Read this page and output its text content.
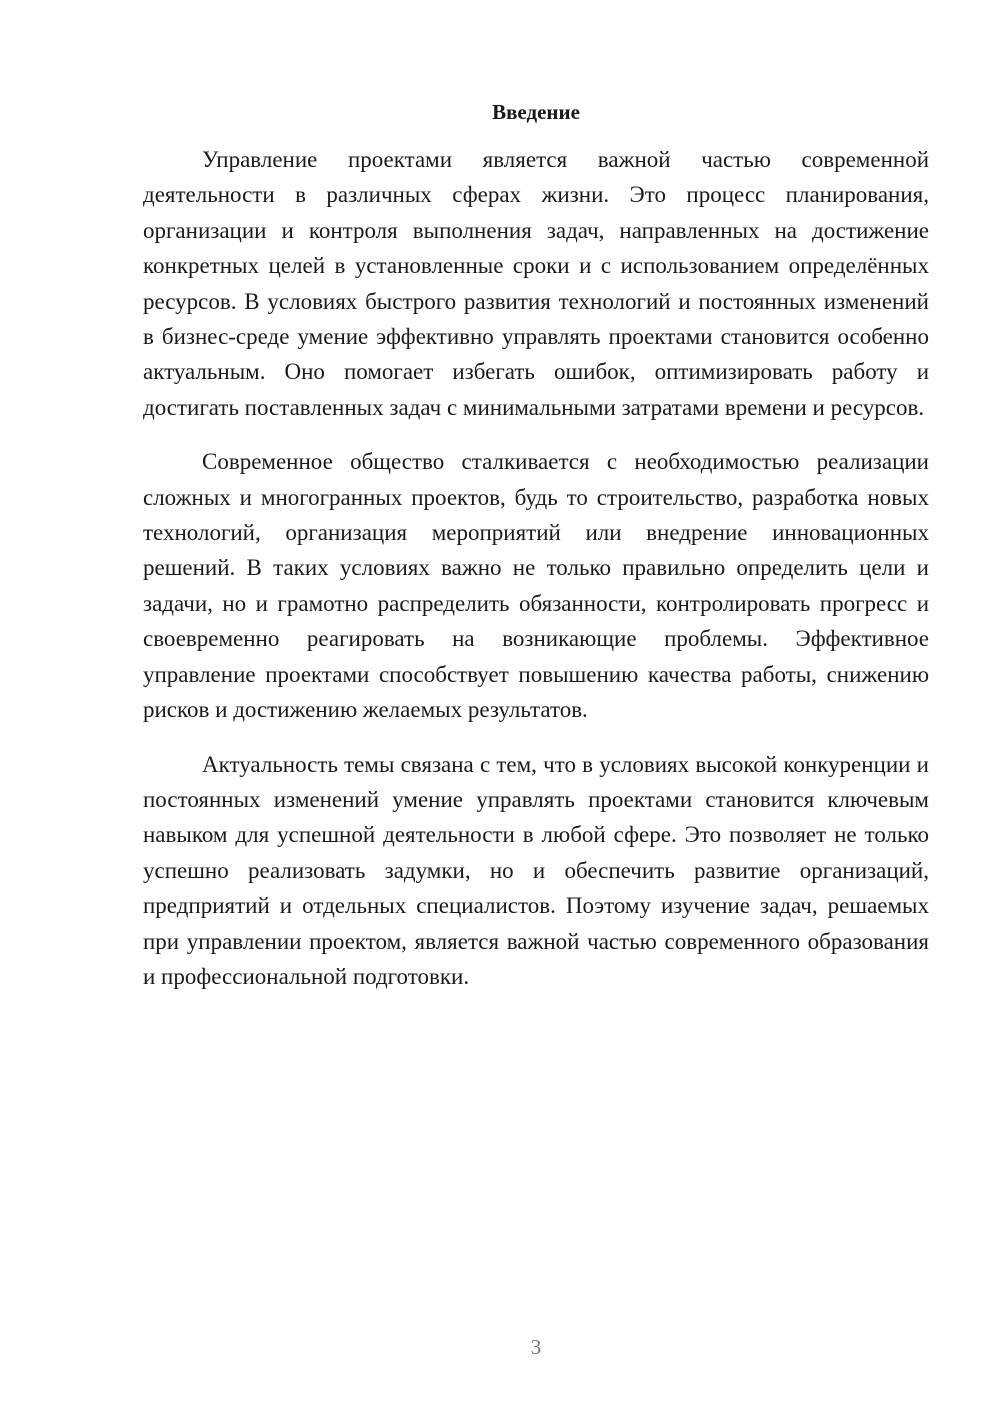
Введение

Управление проектами является важной частью современной деятельности в различных сферах жизни. Это процесс планирования, организации и контроля выполнения задач, направленных на достижение конкретных целей в установленные сроки и с использованием определённых ресурсов. В условиях быстрого развития технологий и постоянных изменений в бизнес-среде умение эффективно управлять проектами становится особенно актуальным. Оно помогает избегать ошибок, оптимизировать работу и достигать поставленных задач с минимальными затратами времени и ресурсов.

Современное общество сталкивается с необходимостью реализации сложных и многогранных проектов, будь то строительство, разработка новых технологий, организация мероприятий или внедрение инновационных решений. В таких условиях важно не только правильно определить цели и задачи, но и грамотно распределить обязанности, контролировать прогресс и своевременно реагировать на возникающие проблемы. Эффективное управление проектами способствует повышению качества работы, снижению рисков и достижению желаемых результатов.

Актуальность темы связана с тем, что в условиях высокой конкуренции и постоянных изменений умение управлять проектами становится ключевым навыком для успешной деятельности в любой сфере. Это позволяет не только успешно реализовать задумки, но и обеспечить развитие организаций, предприятий и отдельных специалистов. Поэтому изучение задач, решаемых при управлении проектом, является важной частью современного образования и профессиональной подготовки.

3
